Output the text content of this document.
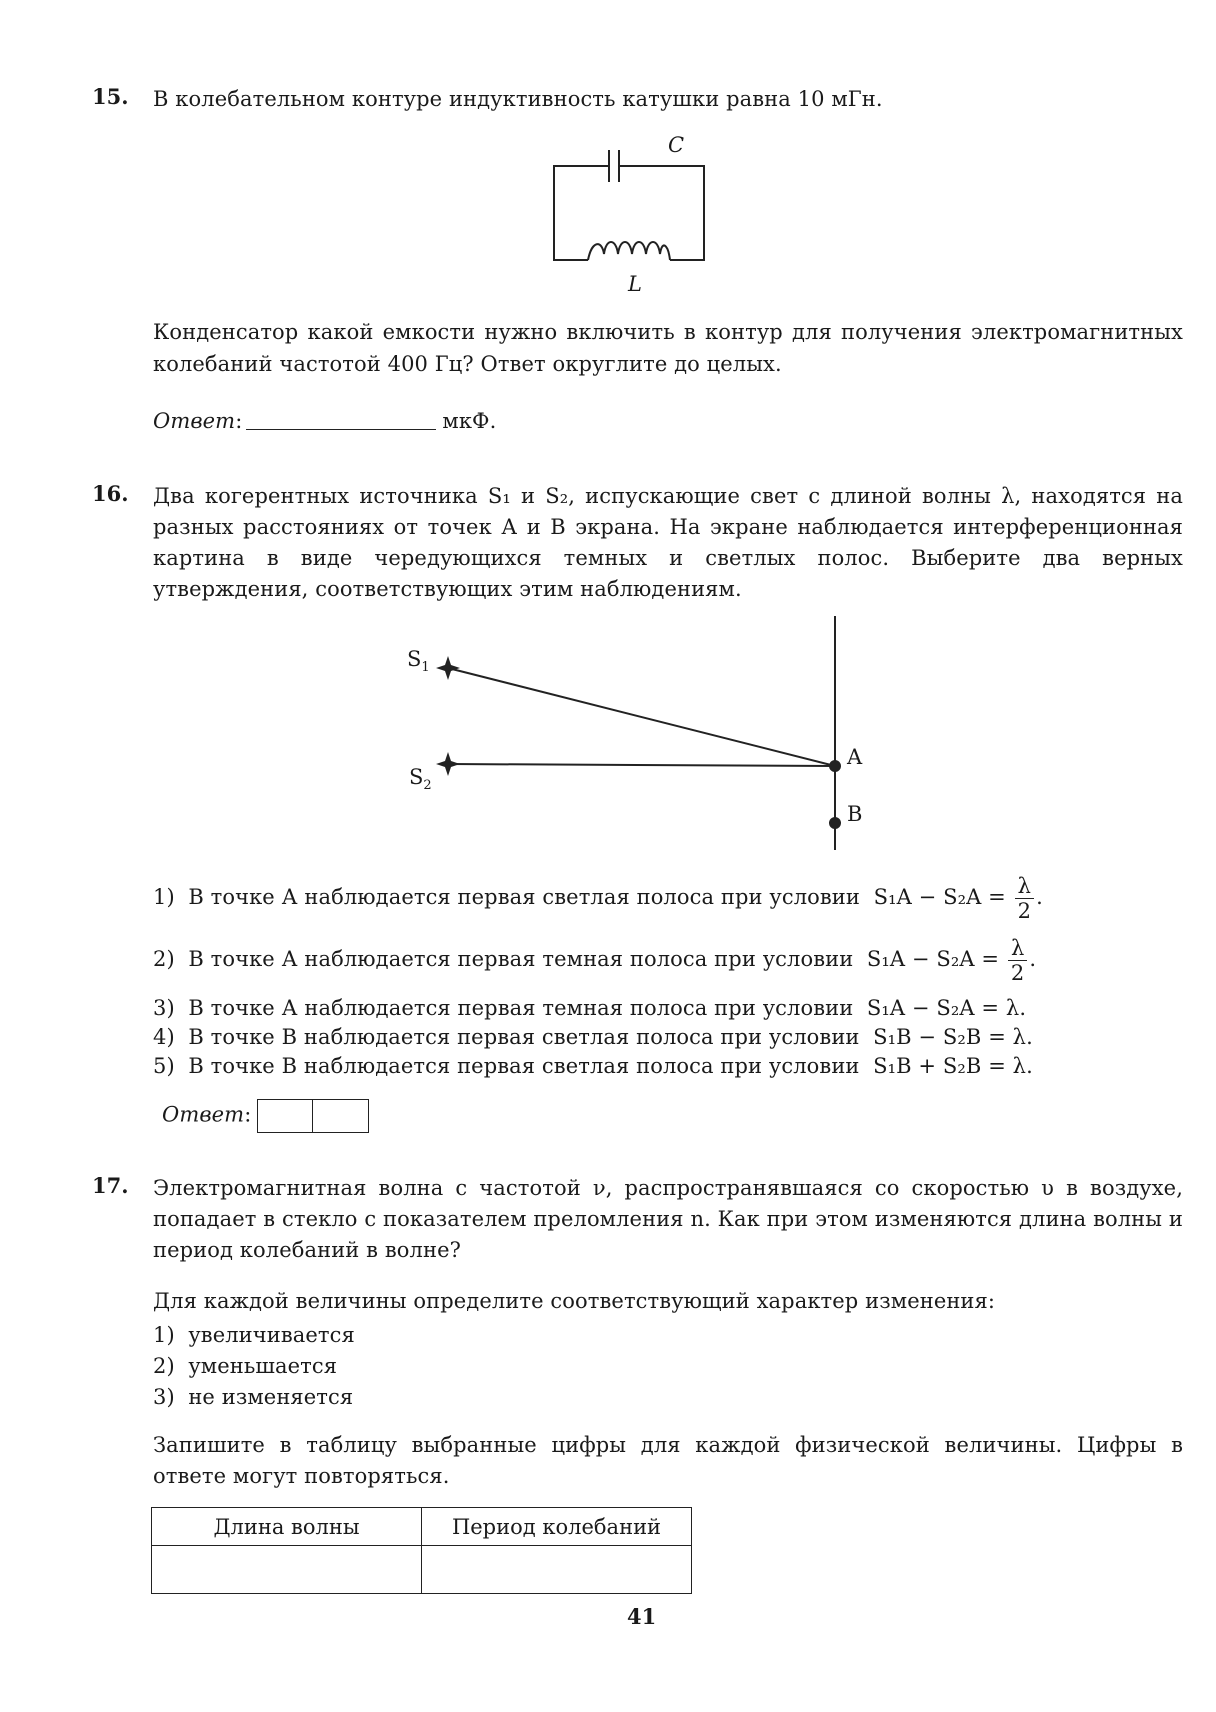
15. В колебательном контуре индуктивность катушки равна 10 мГн.
C
L
Конденсатор какой емкости нужно включить в контур для получения электромагнитных колебаний частотой 400 Гц? Ответ округлите до целых.
Ответ:	мкФ.
16. Два когерентных источника S₁ и S₂, испускающие свет с длиной волны λ, находятся на разных расстояниях от точек А и В экрана. На экране наблюдается интерференционная картина в виде чередующихся темных и светлых полос. Выберите два верных утверждения, соответствующих этим наблюдениям.
$S_1$
$S_2$
A
B
1) В точке А наблюдается первая светлая полоса при условии $S_1A - S_2A = \frac{\lambda}{2}$ .
2) В точке А наблюдается первая темная полоса при условии $S_1A - S_2A = \frac{\lambda}{2}$ .
3) В точке А наблюдается первая темная полоса при условии S₁A − S₂A = λ.
4) В точке В наблюдается первая светлая полоса при условии S₁B − S₂B = λ.
5) В точке В наблюдается первая светлая полоса при условии S₁B + S₂B = λ.
Ответ:
17. Электромагнитная волна с частотой ν, распространявшаяся со скоростью υ в воздухе, попадает в стекло с показателем преломления n. Как при этом изменяются длина волны и период колебаний в волне?
Для каждой величины определите соответствующий характер изменения:
1) увеличивается
2) уменьшается
3) не изменяется
Запишите в таблицу выбранные цифры для каждой физической величины. Цифры в ответе могут повторяться.
Длина волны	Период колебаний

41
